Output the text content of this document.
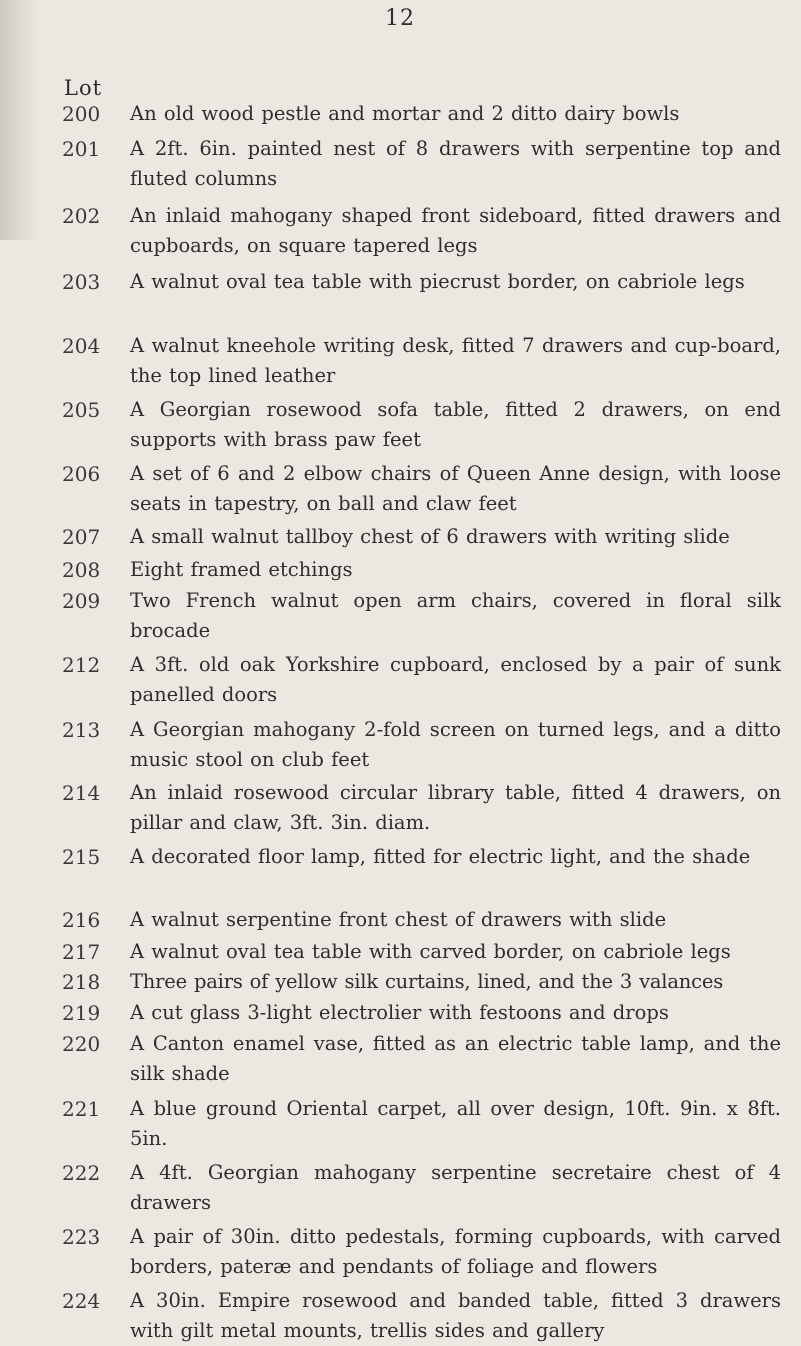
12
Lot
200	An old wood pestle and mortar and 2 ditto dairy bowls
201	A 2ft. 6in. painted nest of 8 drawers with serpentine top and fluted columns
202	An inlaid mahogany shaped front sideboard, fitted drawers and cupboards, on square tapered legs
203	A walnut oval tea table with piecrust border, on cabriole legs
204	A walnut kneehole writing desk, fitted 7 drawers and cup-board, the top lined leather
205	A Georgian rosewood sofa table, fitted 2 drawers, on end supports with brass paw feet
206	A set of 6 and 2 elbow chairs of Queen Anne design, with loose seats in tapestry, on ball and claw feet
207	A small walnut tallboy chest of 6 drawers with writing slide
208	Eight framed etchings
209	Two French walnut open arm chairs, covered in floral silk brocade
212	A 3ft. old oak Yorkshire cupboard, enclosed by a pair of sunk panelled doors
213	A Georgian mahogany 2-fold screen on turned legs, and a ditto music stool on club feet
214	An inlaid rosewood circular library table, fitted 4 drawers, on pillar and claw, 3ft. 3in. diam.
215	A decorated floor lamp, fitted for electric light, and the shade
216	A walnut serpentine front chest of drawers with slide
217	A walnut oval tea table with carved border, on cabriole legs
218	Three pairs of yellow silk curtains, lined, and the 3 valances
219	A cut glass 3-light electrolier with festoons and drops
220	A Canton enamel vase, fitted as an electric table lamp, and the silk shade
221	A blue ground Oriental carpet, all over design, 10ft. 9in. x 8ft. 5in.
222	A 4ft. Georgian mahogany serpentine secretaire chest of 4 drawers
223	A pair of 30in. ditto pedestals, forming cupboards, with carved borders, pateræ and pendants of foliage and flowers
224	A 30in. Empire rosewood and banded table, fitted 3 drawers with gilt metal mounts, trellis sides and gallery
